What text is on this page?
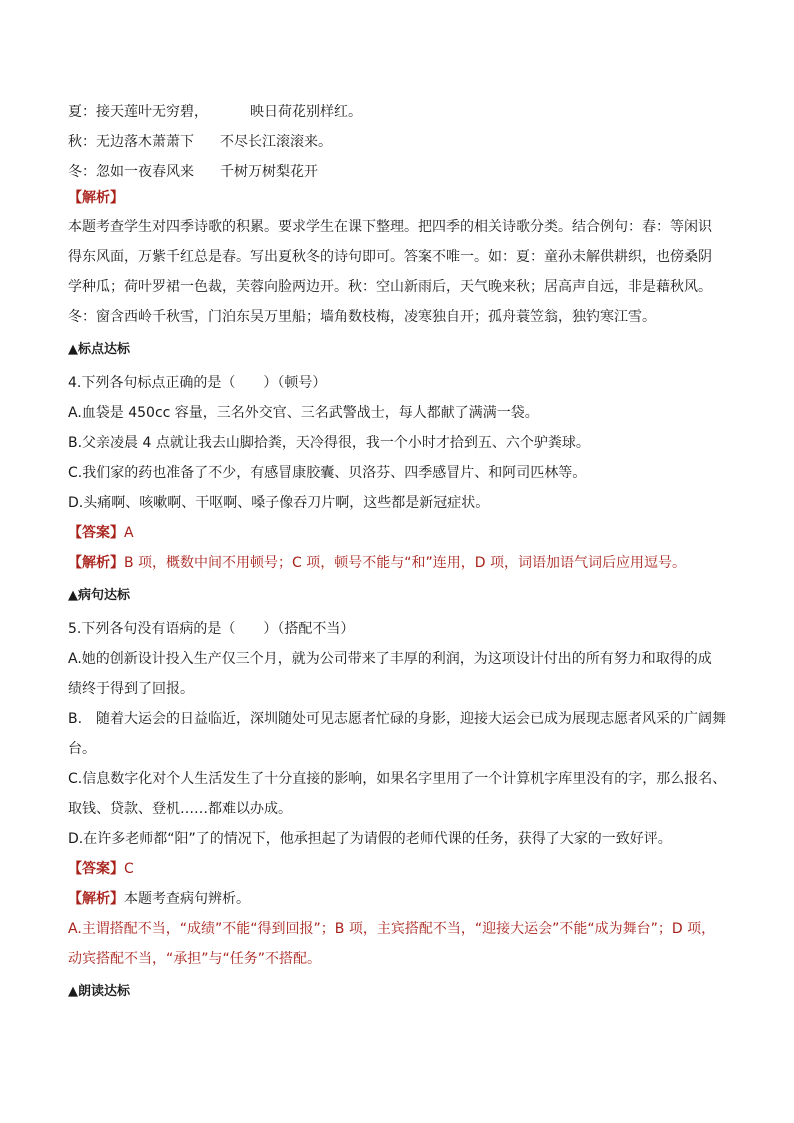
夏：接天莲叶无穷碧，	映日荷花别样红。

秋：无边落木萧萧下 不尽长江滚滚来。

冬：忽如一夜春风来 千树万树梨花开

【解析】

本题考查学生对四季诗歌的积累。要求学生在课下整理。把四季的相关诗歌分类。结合例句：春：等闲识

得东风面，万紫千红总是春。写出夏秋冬的诗句即可。答案不唯一。如：夏：童孙未解供耕织，也傍桑阴

学种瓜；荷叶罗裙一色裁，芙蓉向脸两边开。秋：空山新雨后，天气晚来秋；居高声自远，非是藉秋风。

冬：窗含西岭千秋雪，门泊东吴万里船；墙角数枝梅，凌寒独自开；孤舟蓑笠翁，独钓寒江雪。

▲标点达标

4.下列各句标点正确的是（　　）（顿号）

A.血袋是 450cc 容量，三名外交官、三名武警战士，每人都献了满满一袋。

B.父亲凌晨 4 点就让我去山脚拾粪，天冷得很，我一个小时才拾到五、六个驴粪球。

C.我们家的药也准备了不少，有感冒康胶囊、贝洛芬、四季感冒片、和阿司匹林等。

D.头痛啊、咳嗽啊、干呕啊、嗓子像吞刀片啊，这些都是新冠症状。

【答案】A

【解析】B 项，概数中间不用顿号；C 项，顿号不能与“和”连用，D 项，词语加语气词后应用逗号。

▲病句达标

5.下列各句没有语病的是（　　）（搭配不当）

A.她的创新设计投入生产仅三个月，就为公司带来了丰厚的利润，为这项设计付出的所有努力和取得的成

绩终于得到了回报。

B.　随着大运会的日益临近，深圳随处可见志愿者忙碌的身影，迎接大运会已成为展现志愿者风采的广阔舞

台。

C.信息数字化对个人生活发生了十分直接的影响，如果名字里用了一个计算机字库里没有的字，那么报名、

取钱、贷款、登机……都难以办成。

D.在许多老师都“阳”了的情况下，他承担起了为请假的老师代课的任务，获得了大家的一致好评。

【答案】C

【解析】本题考查病句辨析。

A.主谓搭配不当，“成绩”不能“得到回报”；B 项，主宾搭配不当，“迎接大运会”不能“成为舞台”；D 项，

动宾搭配不当，“承担”与“任务”不搭配。

▲朗读达标
